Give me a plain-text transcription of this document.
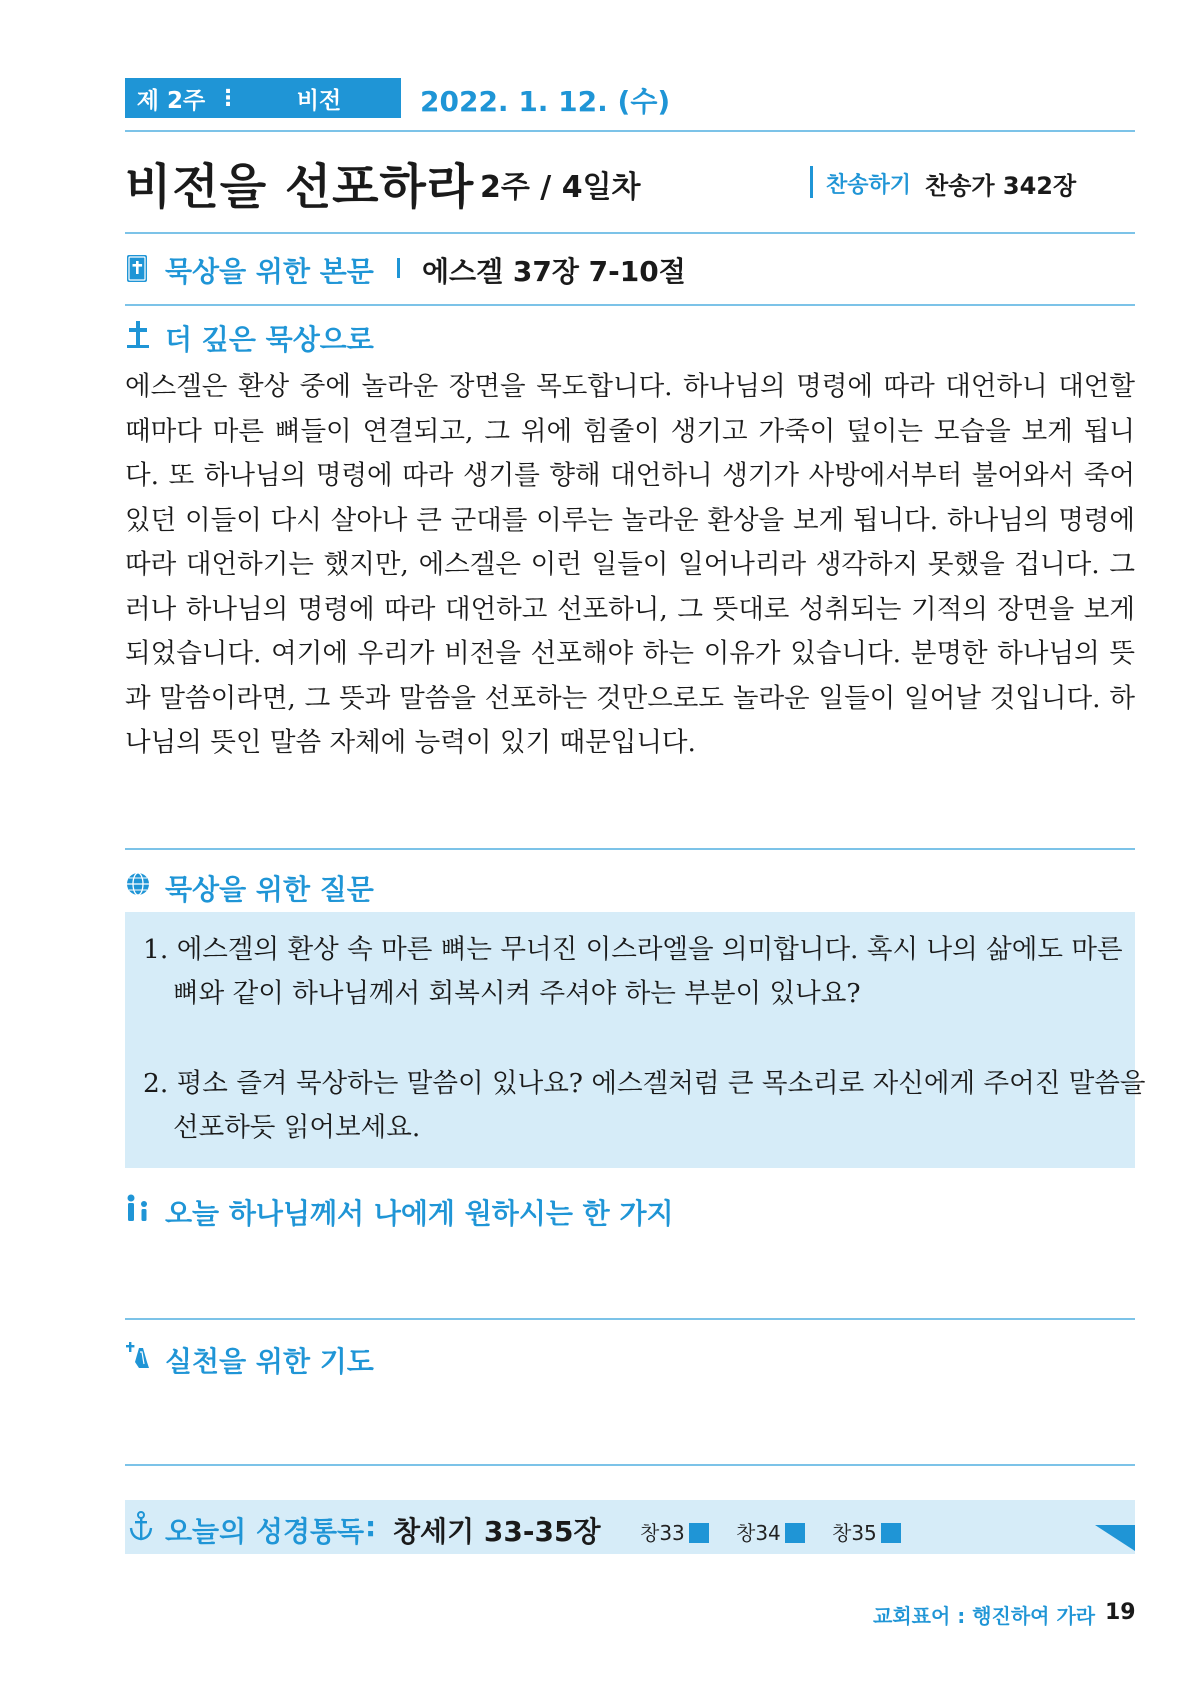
제 2주 ⋮	비전	2022. 1. 12. (수)
비전을 선포하라 2주 / 4일차	찬송하기 찬송가 342장
묵상을 위한 본문 에스겔 37장 7-10절
더 깊은 묵상으로
에스겔은 환상 중에 놀라운 장면을 목도합니다. 하나님의 명령에 따라 대언하니 대언할 때마다 마른 뼈들이 연결되고, 그 위에 힘줄이 생기고 가죽이 덮이는 모습을 보게 됩니다. 또 하나님의 명령에 따라 생기를 향해 대언하니 생기가 사방에서부터 불어와서 죽어있던 이들이 다시 살아나 큰 군대를 이루는 놀라운 환상을 보게 됩니다. 하나님의 명령에 따라 대언하기는 했지만, 에스겔은 이런 일들이 일어나리라 생각하지 못했을 겁니다. 그러나 하나님의 명령에 따라 대언하고 선포하니, 그 뜻대로 성취되는 기적의 장면을 보게 되었습니다. 여기에 우리가 비전을 선포해야 하는 이유가 있습니다. 분명한 하나님의 뜻과 말씀이라면, 그 뜻과 말씀을 선포하는 것만으로도 놀라운 일들이 일어날 것입니다. 하나님의 뜻인 말씀 자체에 능력이 있기 때문입니다.
묵상을 위한 질문
1. 에스겔의 환상 속 마른 뼈는 무너진 이스라엘을 의미합니다. 혹시 나의 삶에도 마른 뼈와 같이 하나님께서 회복시켜 주셔야 하는 부분이 있나요?
2. 평소 즐겨 묵상하는 말씀이 있나요? 에스겔처럼 큰 목소리로 자신에게 주어진 말씀을 선포하듯 읽어보세요.
오늘 하나님께서 나에게 원하시는 한 가지
실천을 위한 기도
오늘의 성경통독 : 창세기 33-35장 창33	창34	창35
교회표어 : 행진하여 가라 19
